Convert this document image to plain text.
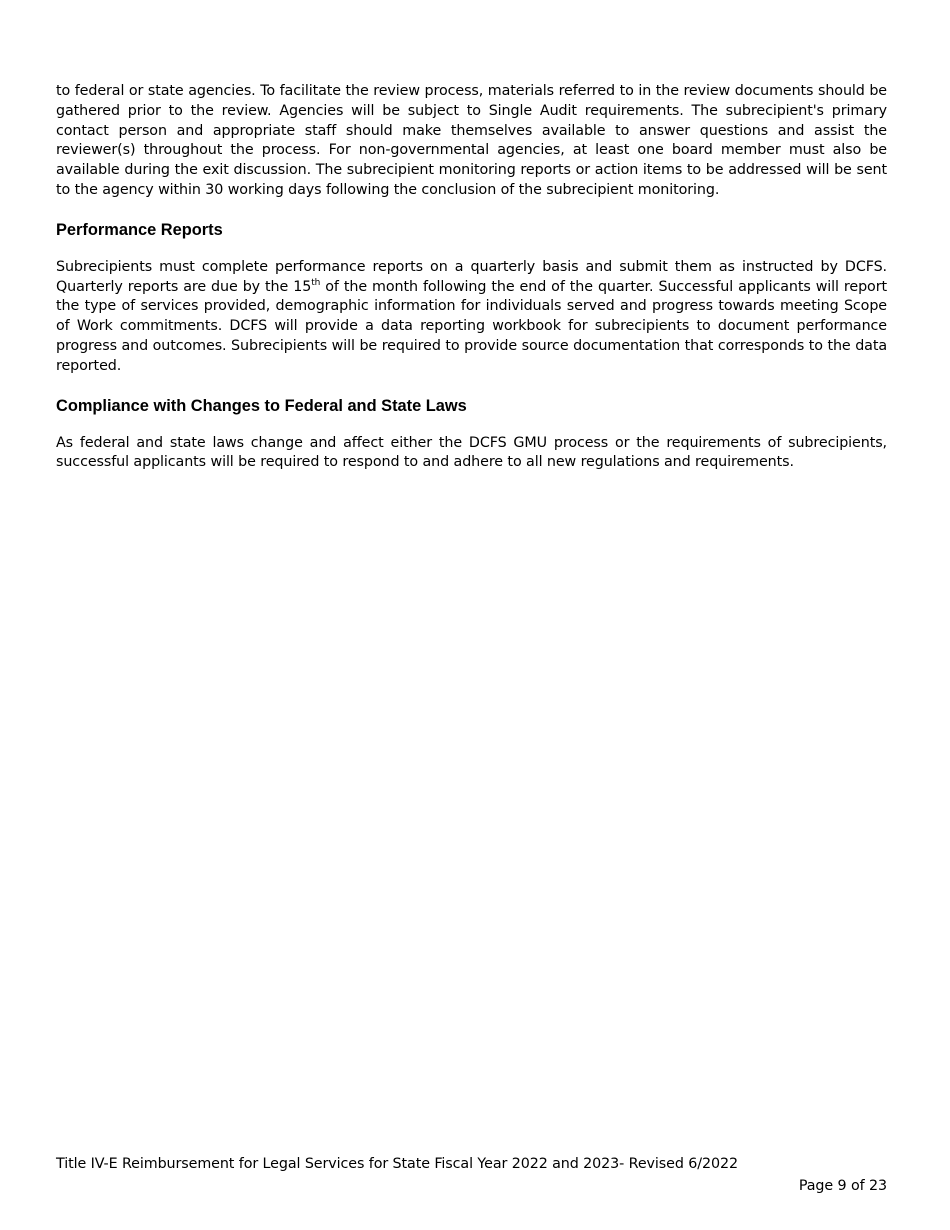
to federal or state agencies. To facilitate the review process, materials referred to in the review documents should be gathered prior to the review. Agencies will be subject to Single Audit requirements. The subrecipient's primary contact person and appropriate staff should make themselves available to answer questions and assist the reviewer(s) throughout the process. For non-governmental agencies, at least one board member must also be available during the exit discussion. The subrecipient monitoring reports or action items to be addressed will be sent to the agency within 30 working days following the conclusion of the subrecipient monitoring.

Performance Reports

Subrecipients must complete performance reports on a quarterly basis and submit them as instructed by DCFS. Quarterly reports are due by the 15th of the month following the end of the quarter. Successful applicants will report the type of services provided, demographic information for individuals served and progress towards meeting Scope of Work commitments. DCFS will provide a data reporting workbook for subrecipients to document performance progress and outcomes. Subrecipients will be required to provide source documentation that corresponds to the data reported.

Compliance with Changes to Federal and State Laws

As federal and state laws change and affect either the DCFS GMU process or the requirements of subrecipients, successful applicants will be required to respond to and adhere to all new regulations and requirements.

Title IV-E Reimbursement for Legal Services for State Fiscal Year 2022 and 2023- Revised 6/2022
Page 9 of 23
